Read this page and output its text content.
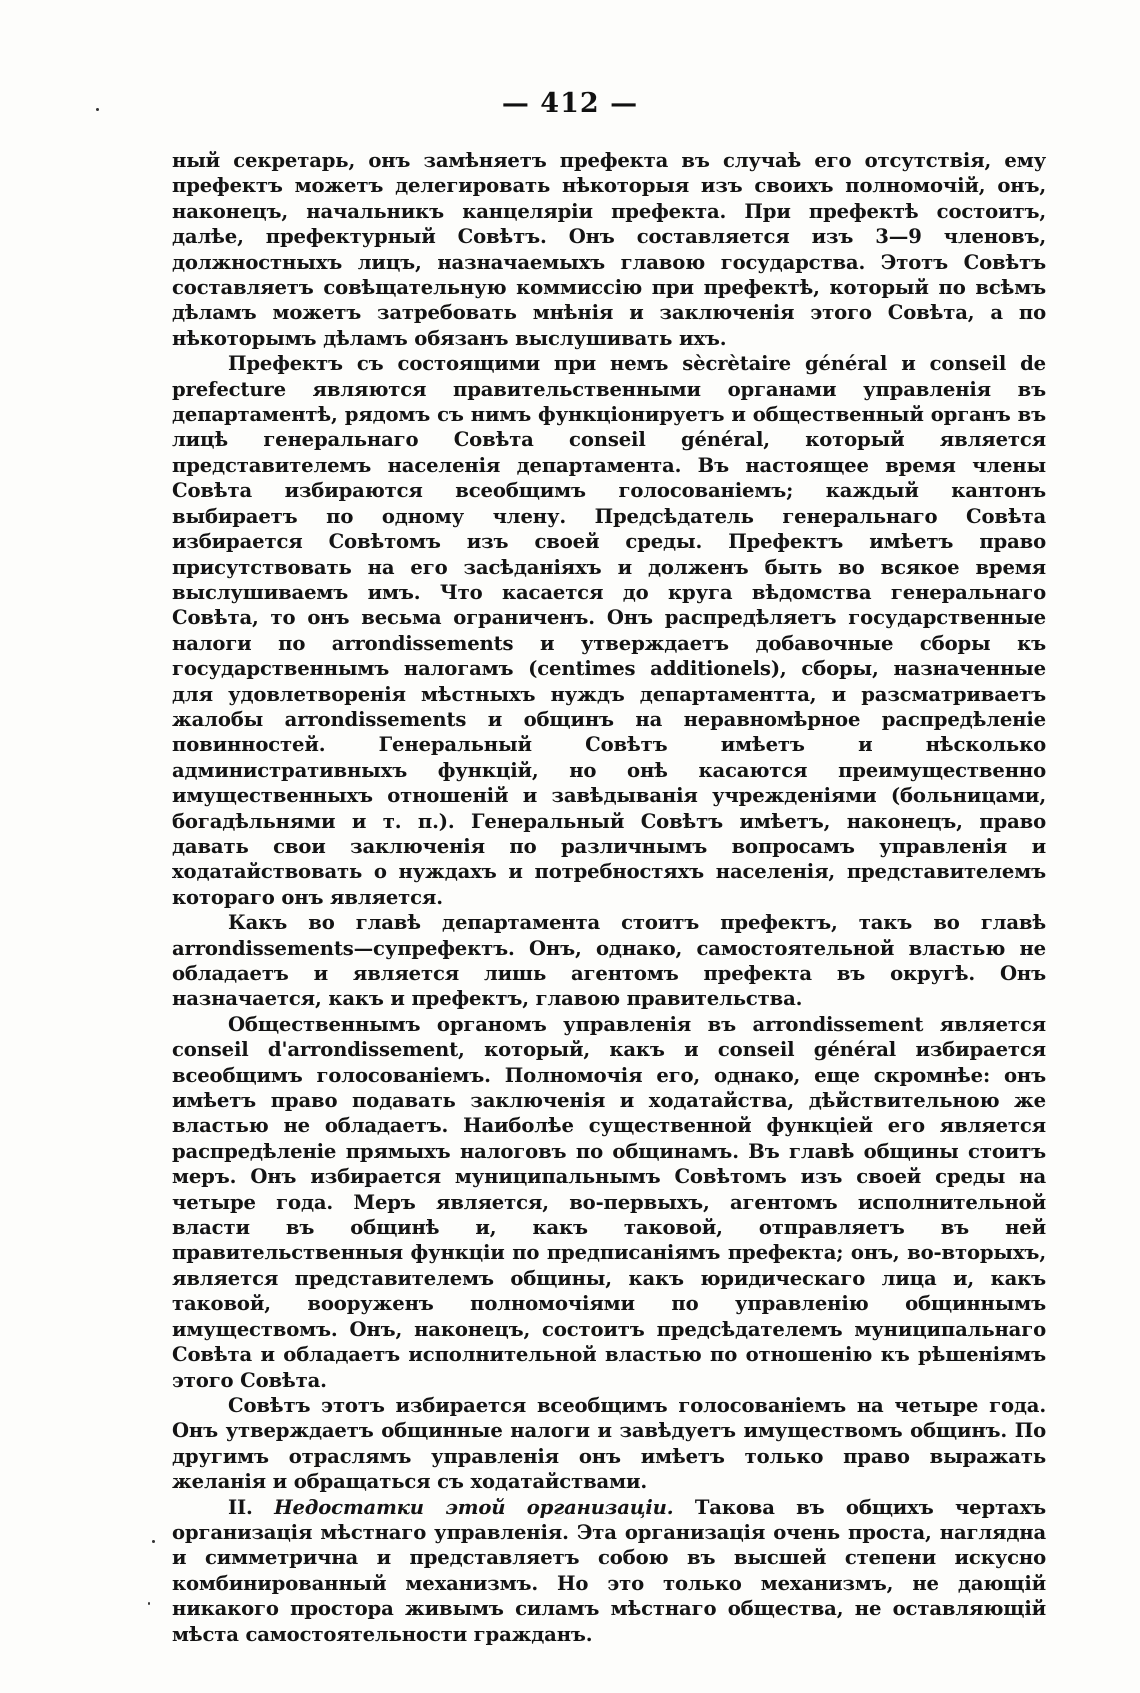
— 412 —

ный секретарь, онъ замѣняетъ префекта въ случаѣ его отсутствія, ему префектъ можетъ делегировать нѣкоторыя изъ своихъ полномочій, онъ, наконецъ, начальникъ канцеляріи префекта. При префектѣ состоитъ, далѣе, префектурный Совѣтъ. Онъ составляется изъ 3—9 членовъ, должностныхъ лицъ, назначаемыхъ главою государства. Этотъ Совѣтъ составляетъ совѣщательную коммиссію при префектѣ, который по всѣмъ дѣламъ можетъ затребовать мнѣнія и заключенія этого Совѣта, а по нѣкоторымъ дѣламъ обязанъ выслушивать ихъ.

Префектъ съ состоящими при немъ sècrètaire général и conseil de prefecture являются правительственными органами управленія въ департаментѣ, рядомъ съ нимъ функціонируетъ и общественный органъ въ лицѣ генеральнаго Совѣта conseil général, который является представителемъ населенія департамента. Въ настоящее время члены Совѣта избираются всеобщимъ голосованіемъ; каждый кантонъ выбираетъ по одному члену. Предсѣдатель генеральнаго Совѣта избирается Совѣтомъ изъ своей среды. Префектъ имѣетъ право присутствовать на его засѣданіяхъ и долженъ быть во всякое время выслушиваемъ имъ. Что касается до круга вѣдомства генеральнаго Совѣта, то онъ весьма ограниченъ. Онъ распредѣляетъ государственные налоги по arrondissements и утверждаетъ добавочные сборы къ государственнымъ налогамъ (centimes additionels), сборы, назначенные для удовлетворенія мѣстныхъ нуждъ департаментта, и разсматриваетъ жалобы arrondissements и общинъ на неравномѣрное распредѣленіе повинностей. Генеральный Совѣтъ имѣетъ и нѣсколько административныхъ функцій, но онѣ касаются преимущественно имущественныхъ отношеній и завѣдыванія учрежденіями (больницами, богадѣльнями и т. п.). Генеральный Совѣтъ имѣетъ, наконецъ, право давать свои заключенія по различнымъ вопросамъ управленія и ходатайствовать о нуждахъ и потребностяхъ населенія, представителемъ котораго онъ является.

Какъ во главѣ департамента стоитъ префектъ, такъ во главѣ arrondissements—супрефектъ. Онъ, однако, самостоятельной властью не обладаетъ и является лишь агентомъ префекта въ округѣ. Онъ назначается, какъ и префектъ, главою правительства.

Общественнымъ органомъ управленія въ arrondissement является conseil d'arrondissement, который, какъ и conseil général избирается всеобщимъ голосованіемъ. Полномочія его, однако, еще скромнѣе: онъ имѣетъ право подавать заключенія и ходатайства, дѣйствительною же властью не обладаетъ. Наиболѣе существенной функціей его является распредѣленіе прямыхъ налоговъ по общинамъ. Въ главѣ общины стоитъ меръ. Онъ избирается муниципальнымъ Совѣтомъ изъ своей среды на четыре года. Меръ является, во-первыхъ, агентомъ исполнительной власти въ общинѣ и, какъ таковой, отправляетъ въ ней правительственныя функціи по предписаніямъ префекта; онъ, во-вторыхъ, является представителемъ общины, какъ юридическаго лица и, какъ таковой, вооруженъ полномочіями по управленію общиннымъ имуществомъ. Онъ, наконецъ, состоитъ предсѣдателемъ муниципальнаго Совѣта и обладаетъ исполнительной властью по отношенію къ рѣшеніямъ этого Совѣта.

Совѣтъ этотъ избирается всеобщимъ голосованіемъ на четыре года. Онъ утверждаетъ общинные налоги и завѣдуетъ имуществомъ общинъ. По другимъ отраслямъ управленія онъ имѣетъ только право выражать желанія и обращаться съ ходатайствами.

II. Недостатки этой организаціи. Такова въ общихъ чертахъ организація мѣстнаго управленія. Эта организація очень проста, наглядна и симметрична и представляетъ собою въ высшей степени искусно комбинированный механизмъ. Но это только механизмъ, не дающій никакого простора живымъ силамъ мѣстнаго общества, не оставляющій мѣста самостоятельности гражданъ.
